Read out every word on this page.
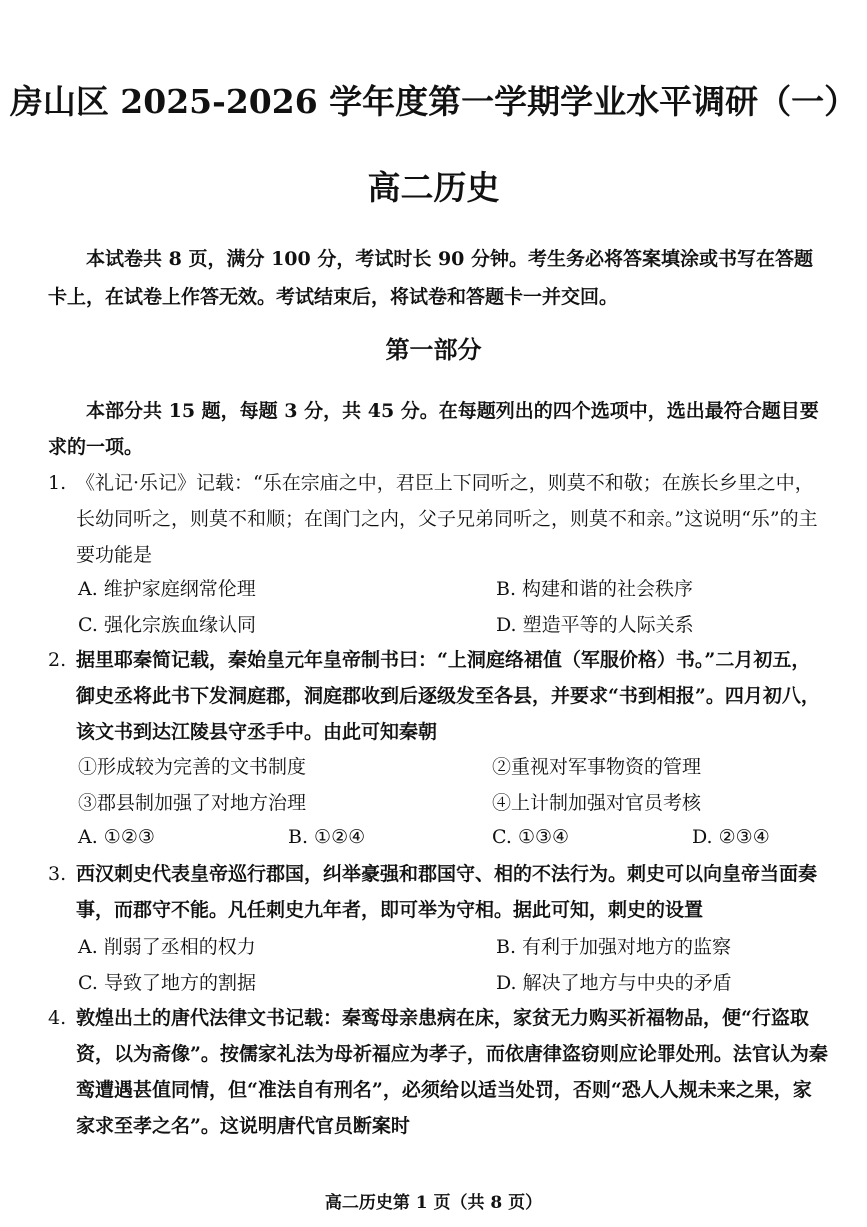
房山区 2025-2026 学年度第一学期学业水平调研（一）
高二历史
本试卷共 8 页，满分 100 分，考试时长 90 分钟。考生务必将答案填涂或书写在答题卡上，在试卷上作答无效。考试结束后，将试卷和答题卡一并交回。
第一部分
本部分共 15 题，每题 3 分，共 45 分。在每题列出的四个选项中，选出最符合题目要求的一项。
1. 《礼记·乐记》记载：“乐在宗庙之中，君臣上下同听之，则莫不和敬；在族长乡里之中，长幼同听之，则莫不和顺；在闺门之内，父子兄弟同听之，则莫不和亲。”这说明“乐”的主要功能是
A. 维护家庭纲常伦理	B. 构建和谐的社会秩序
C. 强化宗族血缘认同	D. 塑造平等的人际关系
2. 据里耶秦简记载，秦始皇元年皇帝制书曰：“上洞庭络裙值（军服价格）书。”二月初五，御史丞将此书下发洞庭郡，洞庭郡收到后逐级发至各县，并要求“书到相报”。四月初八，该文书到达江陵县守丞手中。由此可知秦朝
①形成较为完善的文书制度	②重视对军事物资的管理
③郡县制加强了对地方治理	④上计制加强对官员考核
A. ①②③	B. ①②④	C. ①③④	D. ②③④
3. 西汉刺史代表皇帝巡行郡国，纠举豪强和郡国守、相的不法行为。刺史可以向皇帝当面奏事，而郡守不能。凡任刺史九年者，即可举为守相。据此可知，刺史的设置
A. 削弱了丞相的权力	B. 有利于加强对地方的监察
C. 导致了地方的割据	D. 解决了地方与中央的矛盾
4. 敦煌出土的唐代法律文书记载：秦鸾母亲患病在床，家贫无力购买祈福物品，便“行盗取资，以为斋像”。按儒家礼法为母祈福应为孝子，而依唐律盗窃则应论罪处刑。法官认为秦鸾遭遇甚值同情，但“准法自有刑名”，必须给以适当处罚，否则“恐人人规未来之果，家家求至孝之名”。这说明唐代官员断案时
高二历史第 1 页（共 8 页）
